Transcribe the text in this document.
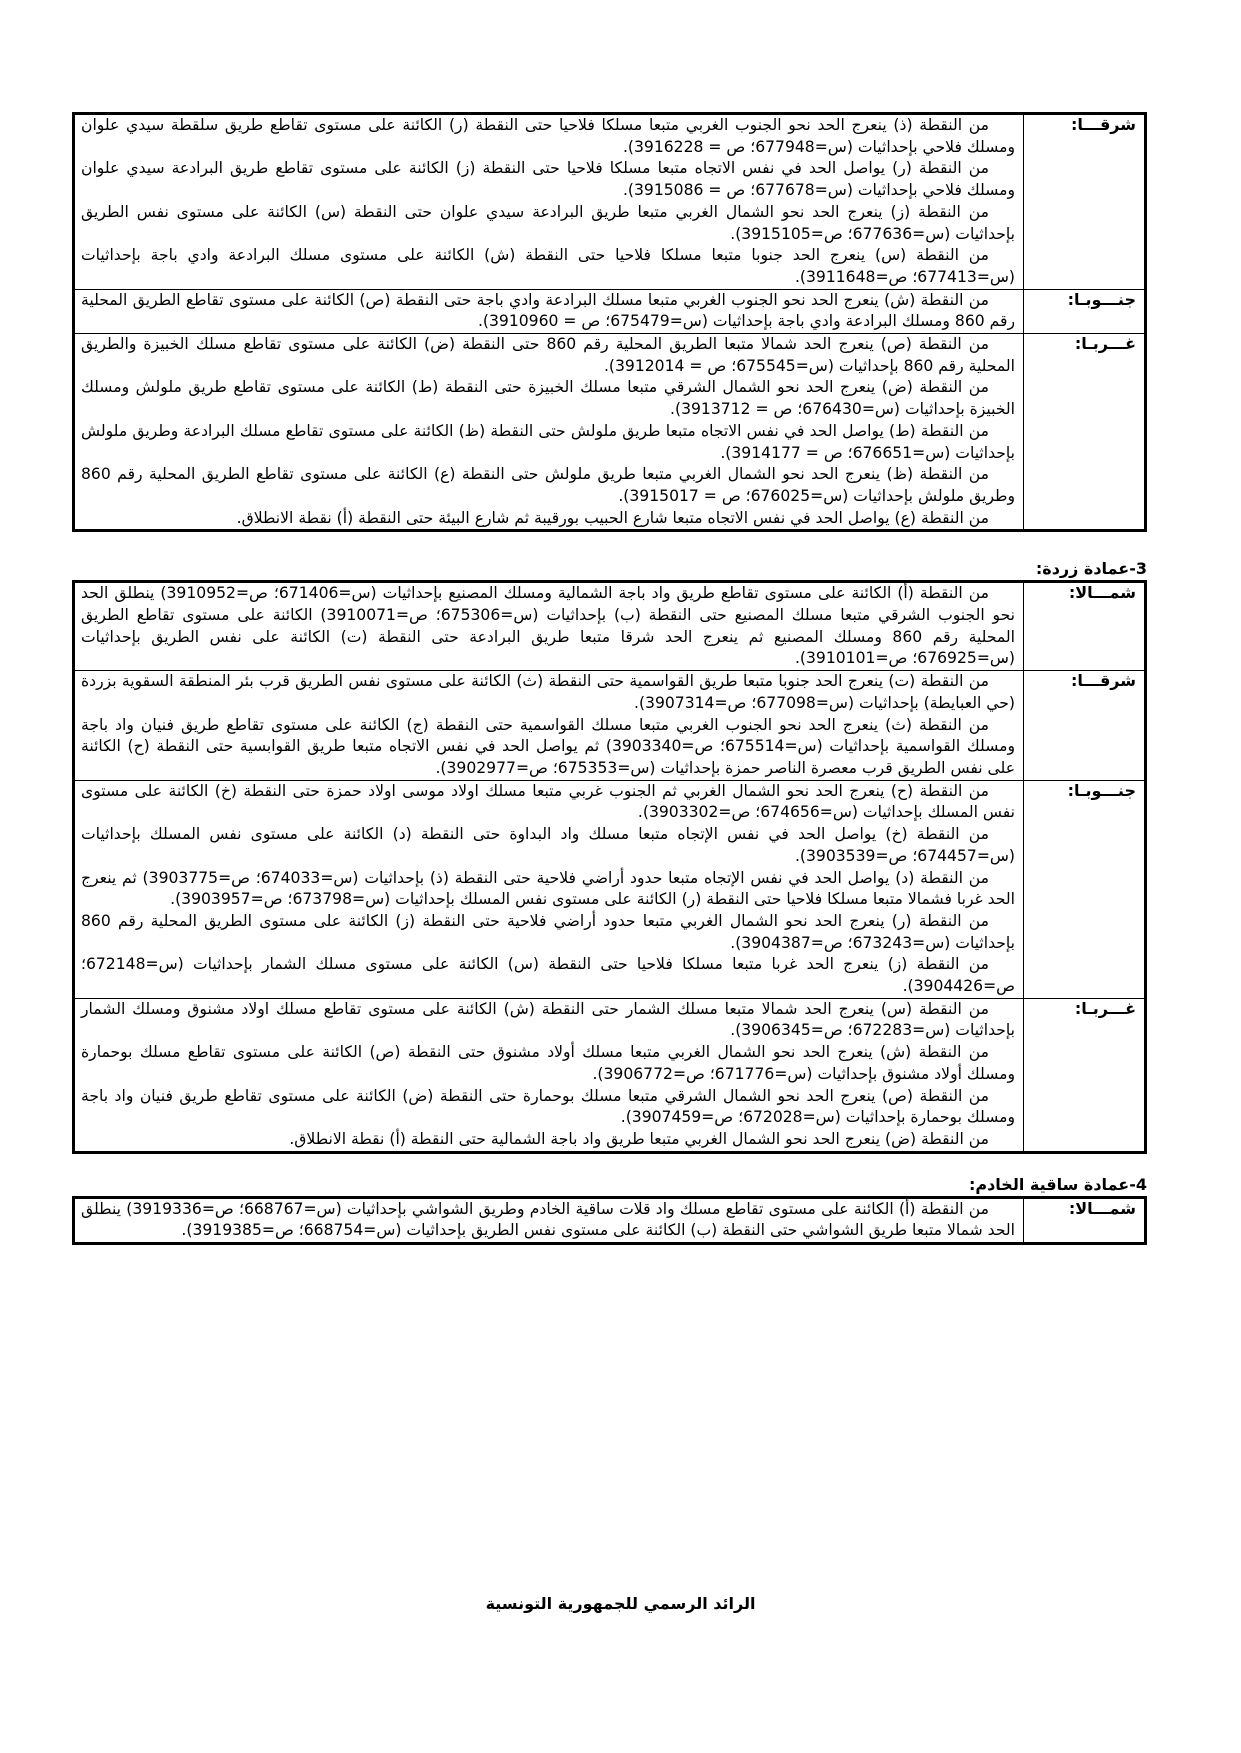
شرقـــا:	من النقطة (ذ) ينعرج الحد نحو الجنوب الغربي متبعا مسلكا فلاحيا حتى النقطة (ر) الكائنة على مستوى تقاطع طريق سلقطة سيدي علوان ومسلك فلاحي بإحداثيات (س=677948؛ ص = 3916228).

من النقطة (ر) يواصل الحد في نفس الاتجاه متبعا مسلكا فلاحيا حتى النقطة (ز) الكائنة على مستوى تقاطع طريق البرادعة سيدي علوان ومسلك فلاحي بإحداثيات (س=677678؛ ص = 3915086).

من النقطة (ز) ينعرج الحد نحو الشمال الغربي متبعا طريق البرادعة سيدي علوان حتى النقطة (س) الكائنة على مستوى نفس الطريق بإحداثيات (س=677636؛ ص=3915105).

من النقطة (س) ينعرج الحد جنوبا متبعا مسلكا فلاحيا حتى النقطة (ش) الكائنة على مستوى مسلك البرادعة وادي باجة بإحداثيات (س=677413؛ ص=3911648).

جنـــوبـا:	من النقطة (ش) ينعرج الحد نحو الجنوب الغربي متبعا مسلك البرادعة وادي باجة حتى النقطة (ص) الكائنة على مستوى تقاطع الطريق المحلية رقم 860 ومسلك البرادعة وادي باجة بإحداثيات (س=675479؛ ص = 3910960).

غـــربـا:	من النقطة (ص) ينعرج الحد شمالا متبعا الطريق المحلية رقم 860 حتى النقطة (ض) الكائنة على مستوى تقاطع مسلك الخبيزة والطريق المحلية رقم 860 بإحداثيات (س=675545؛ ص = 3912014).

من النقطة (ض) ينعرج الحد نحو الشمال الشرقي متبعا مسلك الخبيزة حتى النقطة (ط) الكائنة على مستوى تقاطع طريق ملولش ومسلك الخبيزة بإحداثيات (س=676430؛ ص = 3913712).

من النقطة (ط) يواصل الحد في نفس الاتجاه متبعا طريق ملولش حتى النقطة (ظ) الكائنة على مستوى تقاطع مسلك البرادعة وطريق ملولش بإحداثيات (س=676651؛ ص = 3914177).

من النقطة (ظ) ينعرج الحد نحو الشمال الغربي متبعا طريق ملولش حتى النقطة (ع) الكائنة على مستوى تقاطع الطريق المحلية رقم 860 وطريق ملولش بإحداثيات (س=676025؛ ص = 3915017).

من النقطة (ع) يواصل الحد في نفس الاتجاه متبعا شارع الحبيب بورقيبة ثم شارع البيئة حتى النقطة (أ) نقطة الانطلاق.

3-عمادة زردة:
شمـــالا:	من النقطة (أ) الكائنة على مستوى تقاطع طريق واد باجة الشمالية ومسلك المصنيع بإحداثيات (س=671406؛ ص=3910952) ينطلق الحد نحو الجنوب الشرقي متبعا مسلك المصنيع حتى النقطة (ب) بإحداثيات (س=675306؛ ص=3910071) الكائنة على مستوى تقاطع الطريق المحلية رقم 860 ومسلك المصنيع ثم ينعرج الحد شرقا متبعا طريق البرادعة حتى النقطة (ت) الكائنة على نفس الطريق بإحداثيات (س=676925؛ ص=3910101).

شرقـــا:	من النقطة (ت) ينعرج الحد جنوبا متبعا طريق القواسمية حتى النقطة (ث) الكائنة على مستوى نفس الطريق قرب بئر المنطقة السقوية بزردة (حي العبايطة) بإحداثيات (س=677098؛ ص=3907314).

من النقطة (ث) ينعرج الحد نحو الجنوب الغربي متبعا مسلك القواسمية حتى النقطة (ج) الكائنة على مستوى تقاطع طريق فنيان واد باجة ومسلك القواسمية بإحداثيات (س=675514؛ ص=3903340) ثم يواصل الحد في نفس الاتجاه متبعا طريق القوابسية حتى النقطة (ح) الكائنة على نفس الطريق قرب معصرة الناصر حمزة بإحداثيات (س=675353؛ ص=3902977).

جنـــوبـا:	من النقطة (ح) ينعرج الحد نحو الشمال الغربي ثم الجنوب غربي متبعا مسلك اولاد موسى اولاد حمزة حتى النقطة (خ) الكائنة على مستوى نفس المسلك بإحداثيات (س=674656؛ ص=3903302).

من النقطة (خ) يواصل الحد في نفس الإتجاه متبعا مسلك واد البداوة حتى النقطة (د) الكائنة على مستوى نفس المسلك بإحداثيات (س=674457؛ ص=3903539).

من النقطة (د) يواصل الحد في نفس الإتجاه متبعا حدود أراضي فلاحية حتى النقطة (ذ) بإحداثيات (س=674033؛ ص=3903775) ثم ينعرج الحد غربا فشمالا متبعا مسلكا فلاحيا حتى النقطة (ر) الكائنة على مستوى نفس المسلك بإحداثيات (س=673798؛ ص=3903957).

من النقطة (ر) ينعرج الحد نحو الشمال الغربي متبعا حدود أراضي فلاحية حتى النقطة (ز) الكائنة على مستوى الطريق المحلية رقم 860 بإحداثيات (س=673243؛ ص=3904387).

من النقطة (ز) ينعرج الحد غربا متبعا مسلكا فلاحيا حتى النقطة (س) الكائنة على مستوى مسلك الشمار بإحداثيات (س=672148؛ ص=3904426).

غـــربـا:	من النقطة (س) ينعرج الحد شمالا متبعا مسلك الشمار حتى النقطة (ش) الكائنة على مستوى تقاطع مسلك اولاد مشنوق ومسلك الشمار بإحداثيات (س=672283؛ ص=3906345).

من النقطة (ش) ينعرج الحد نحو الشمال الغربي متبعا مسلك أولاد مشنوق حتى النقطة (ص) الكائنة على مستوى تقاطع مسلك بوحمارة ومسلك أولاد مشنوق بإحداثيات (س=671776؛ ص=3906772).

من النقطة (ص) ينعرج الحد نحو الشمال الشرقي متبعا مسلك بوحمارة حتى النقطة (ض) الكائنة على مستوى تقاطع طريق فنيان واد باجة ومسلك بوحمارة بإحداثيات (س=672028؛ ص=3907459).

من النقطة (ض) ينعرج الحد نحو الشمال الغربي متبعا طريق واد باجة الشمالية حتى النقطة (أ) نقطة الانطلاق.

4-عمادة ساقية الخادم:
شمـــالا:	

من النقطة (أ) الكائنة على مستوى تقاطع مسلك واد قلات ساقية الخادم وطريق الشواشي بإحداثيات (س=668767؛ ص=3919336) ينطلق الحد شمالا متبعا طريق الشواشي حتى النقطة (ب) الكائنة على مستوى نفس الطريق بإحداثيات (س=668754؛ ص=3919385).

الرائد الرسمي للجمهورية التونسية
